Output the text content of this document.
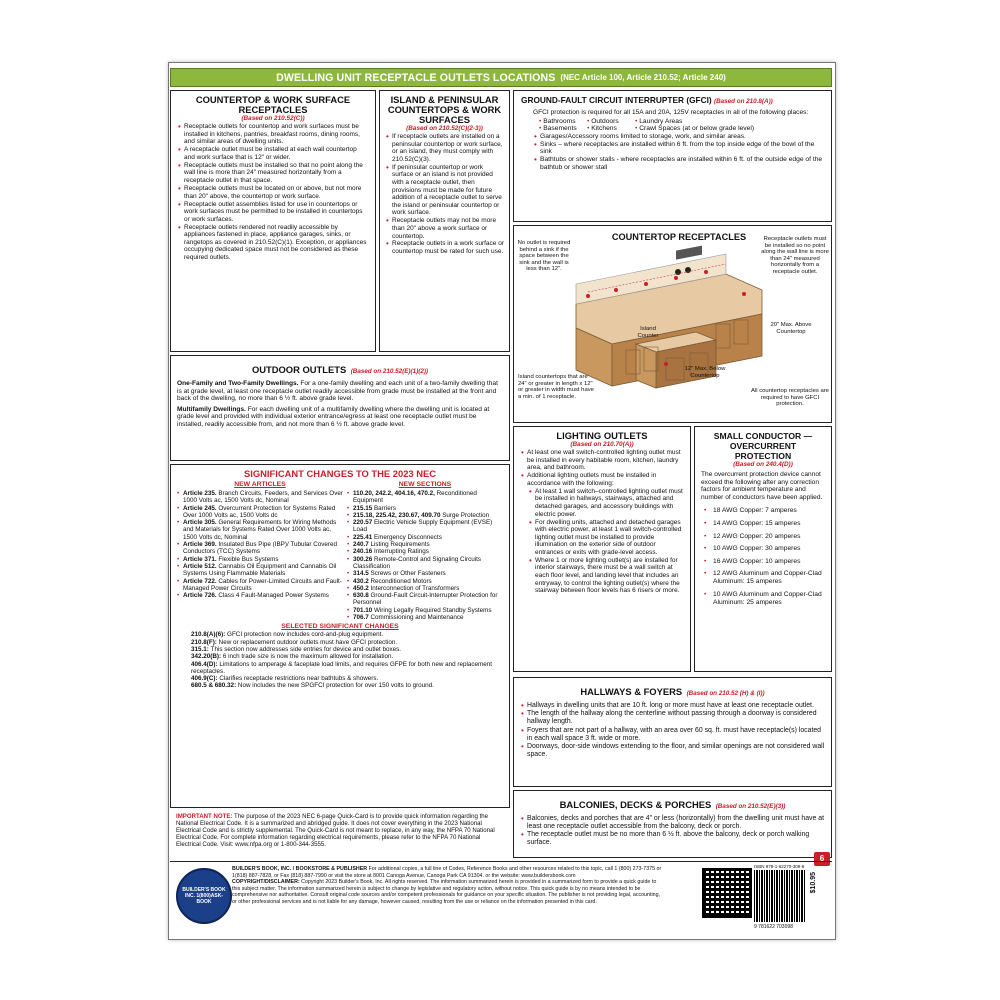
DWELLING UNIT RECEPTACLE OUTLETS LOCATIONS (NEC Article 100, Article 210.52; Article 240)
COUNTERTOP & WORK SURFACE RECEPTACLES
(Based on 210.52(C))
• Receptacle outlets for countertop and work surfaces must be installed in kitchens, pantries, breakfast rooms, dining rooms, and similar areas of dwelling units.
• A receptacle outlet must be installed at each wall countertop and work surface that is 12" or wider.
• Receptacle outlets must be installed so that no point along the wall line is more than 24" measured horizontally from a receptacle outlet in that space.
• Receptacle outlets must be located on or above, but not more than 20" above, the countertop or work surface.
• Receptacle outlet assemblies listed for use in countertops or work surfaces must be permitted to be installed in countertops or work surfaces.
• Receptacle outlets rendered not readily accessible by appliances fastened in place, appliance garages, sinks, or rangetops as covered in 210.52(C)(1). Exception, or appliances occupying dedicated space must not be considered as these required outlets.
ISLAND & PENINSULAR COUNTERTOPS & WORK SURFACES
(Based on 210.52(C)(2-3))
• If receptacle outlets are installed on a peninsular countertop or work surface, or an island, they must comply with 210.52(C)(3).
• If peninsular countertop or work surface or an island is not provided with a receptacle outlet, then provisions must be made for future addition of a receptacle outlet to serve the island or peninsular countertop or work surface.
• Receptacle outlets may not be more than 20" above a work surface or countertop.
• Receptacle outlets in a work surface or countertop must be rated for such use.
GROUND-FAULT CIRCUIT INTERRUPTER (GFCI) (Based on 210.8(A))

GFCI protection is required for all 15A and 20A, 125V receptacles in all of the following places:

• Bathrooms	• Outdoors	• Laundry Areas
• Basements	• Kitchens	• Crawl Spaces (at or below grade level)
• Garages/Accessory rooms limited to storage, work, and similar areas.
• Sinks – where receptacles are installed within 6 ft. from the top inside edge of the bowl of the sink
• Bathtubs or shower stalls - where receptacles are installed within 6 ft. of the outside edge of the bathtub or shower stall
COUNTERTOP RECEPTACLES
No outlet is required behind a sink if the space between the sink and the wall is less than 12".
Receptacle outlets must be installed so no point along the wall line is more than 24" measured horizontally from a receptacle outlet.
Island Counter
20" Max. Above Countertop
12" Max. Below Countertop
Island countertops that are 24" or greater in length x 12" or greater in width must have a min. of 1 receptacle.
All countertop receptacles are required to have GFCI protection.
OUTDOOR OUTLETS (Based on 210.52(E)(1)(2))

One-Family and Two-Family Dwellings. For a one-family dwelling and each unit of a two-family dwelling that is at grade level, at least one receptacle outlet readily accessible from grade must be installed at the front and back of the dwelling, no more than 6 ½ ft. above grade level.

Multifamily Dwellings. For each dwelling unit of a multifamily dwelling where the dwelling unit is located at grade level and provided with individual exterior entrance/egress at least one receptacle outlet must be installed, readily accessible from, and not more than 6 ½ ft. above grade level.

SIGNIFICANT CHANGES TO THE 2023 NEC
NEW ARTICLES
• Article 235. Branch Circuits, Feeders, and Services Over 1000 Volts ac, 1500 Volts dc, Nominal
• Article 245. Overcurrent Protection for Systems Rated Over 1000 Volts ac, 1500 Volts dc
• Article 305. General Requirements for Wiring Methods and Materials for Systems Rated Over 1000 Volts ac, 1500 Volts dc, Nominal
• Article 369. Insulated Bus Pipe (IBP)/ Tubular Covered Conductors (TCC) Systems
• Article 371. Flexible Bus Systems
• Article 512. Cannabis Oil Equipment and Cannabis Oil Systems Using Flammable Materials
• Article 722. Cables for Power-Limited Circuits and Fault-Managed Power Circuits
• Article 726. Class 4 Fault-Managed Power Systems
NEW SECTIONS
• 110.20, 242.2, 404.16, 470.2, Reconditioned Equipment
• 215.15 Barriers
• 215.18, 225.42, 230.67, 409.70 Surge Protection
• 220.57 Electric Vehicle Supply Equipment (EVSE) Load
• 225.41 Emergency Disconnects
• 240.7 Listing Requirements
• 240.16 Interrupting Ratings
• 300.26 Remote-Control and Signaling Circuits Classification
• 314.5 Screws or Other Fasteners
• 430.2 Reconditioned Motors
• 450.2 Interconnection of Transformers
• 630.8 Ground-Fault Circuit-Interrupter Protection for Personnel
• 701.10 Wiring Legally Required Standby Systems
• 706.7 Commissioning and Maintenance
SELECTED SIGNIFICANT CHANGES
210.8(A)(6): GFCI protection now includes cord-and-plug equipment.
210.8(F): New or replacement outdoor outlets must have GFCI protection.
315.1: This section now addresses side entries for device and outlet boxes.
342.20(B): 6 inch trade size is now the maximum allowed for installation.
406.4(D): Limitations to amperage & faceplate load limits, and requires GFPE for both new and replacement receptacles.
406.9(C): Clarifies receptacle restrictions near bathtubs & showers.
680.5 & 680.32: Now includes the new SPGFCI protection for over 150 volts to ground.

IMPORTANT NOTE: The purpose of the 2023 NEC 6-page Quick-Card is to provide quick information regarding the National Electrical Code. It is a summarized and abridged guide. It does not cover everything in the 2023 National Electrical Code and is strictly supplemental. The Quick-Card is not meant to replace, in any way, the NFPA 70 National Electrical Code. For complete information regarding electrical requirements, please refer to the NFPA 70 National Electrical Code. Visit: www.nfpa.org or 1-800-344-3555.

LIGHTING OUTLETS
(Based on 210.70(A))
• At least one wall switch-controlled lighting outlet must be installed in every habitable room, kitchen, laundry area, and bathroom.
• Additional lighting outlets must be installed in accordance with the following:
• At least 1 wall switch–controlled lighting outlet must be installed in hallways, stairways, attached and detached garages, and accessory buildings with electric power.
• For dwelling units, attached and detached garages with electric power, at least 1 wall switch-controlled lighting outlet must be installed to provide illumination on the exterior side of outdoor entrances or exits with grade-level access.
• Where 1 or more lighting outlet(s) are installed for interior stairways, there must be a wall switch at each floor level, and landing level that includes an entryway, to control the lighting outlet(s) where the stairway between floor levels has 6 risers or more.
SMALL CONDUCTOR — OVERCURRENT PROTECTION
(Based on 240.4(D))

The overcurrent protection device cannot exceed the following after any correction factors for ambient temperature and number of conductors have been applied.

• 18 AWG Copper: 7 amperes
• 14 AWG Copper: 15 amperes
• 12 AWG Copper: 20 amperes
• 10 AWG Copper: 30 amperes
• 16 AWG Copper: 10 amperes
• 12 AWG Aluminum and Copper-Clad Aluminum: 15 amperes
• 10 AWG Aluminum and Copper-Clad Aluminum: 25 amperes
HALLWAYS & FOYERS (Based on 210.52 (H) & (I))
• Hallways in dwelling units that are 10 ft. long or more must have at least one receptacle outlet.
• The length of the hallway along the centerline without passing through a doorway is considered hallway length.
• Foyers that are not part of a hallway, with an area over 60 sq. ft. must have receptacle(s) located in each wall space 3 ft. wide or more.
• Doorways, door-side windows extending to the floor, and similar openings are not considered wall space.
BALCONIES, DECKS & PORCHES (Based on 210.52(E)(3))
• Balconies, decks and porches that are 4" or less (horizontally) from the dwelling unit must have at least one receptacle outlet accessible from the balcony, deck or porch.
• The receptacle outlet must be no more than 6 ½ ft. above the balcony, deck or porch walking surface.
6
BUILDER'S BOOK INC. 1(800)ASK-BOOK
BUILDER'S BOOK, INC. / BOOKSTORE & PUBLISHER For additional copies, a full line of Codes, Reference Books and other resources related to this topic, call 1 (800) 273-7375 or 1(818) 887-7828, or Fax (818) 887-7990 or visit the store at 8001 Canoga Avenue, Canoga Park CA 91304. or the website: www.buildersbook.com
COPYRIGHT/DISCLAIMER: Copyright 2023 Builder's Book, Inc. All rights reserved. The information summarized herein is provided in a summarized form to provide a quick guide to this subject matter. The information summarized herein is subject to change by legislative and regulatory action, without notice. This quick guide is by no means intended to be comprehensive nor authoritative. Consult original code sources and/or competent professionals for guidance on your specific situation. The publisher is not providing legal, accounting, or other professional services and is not liable for any damage, however caused, resulting from the use or reliance on the information presented in this card.
ISBN 978-1-62270-309-8
9 781622 703098
$10.95
